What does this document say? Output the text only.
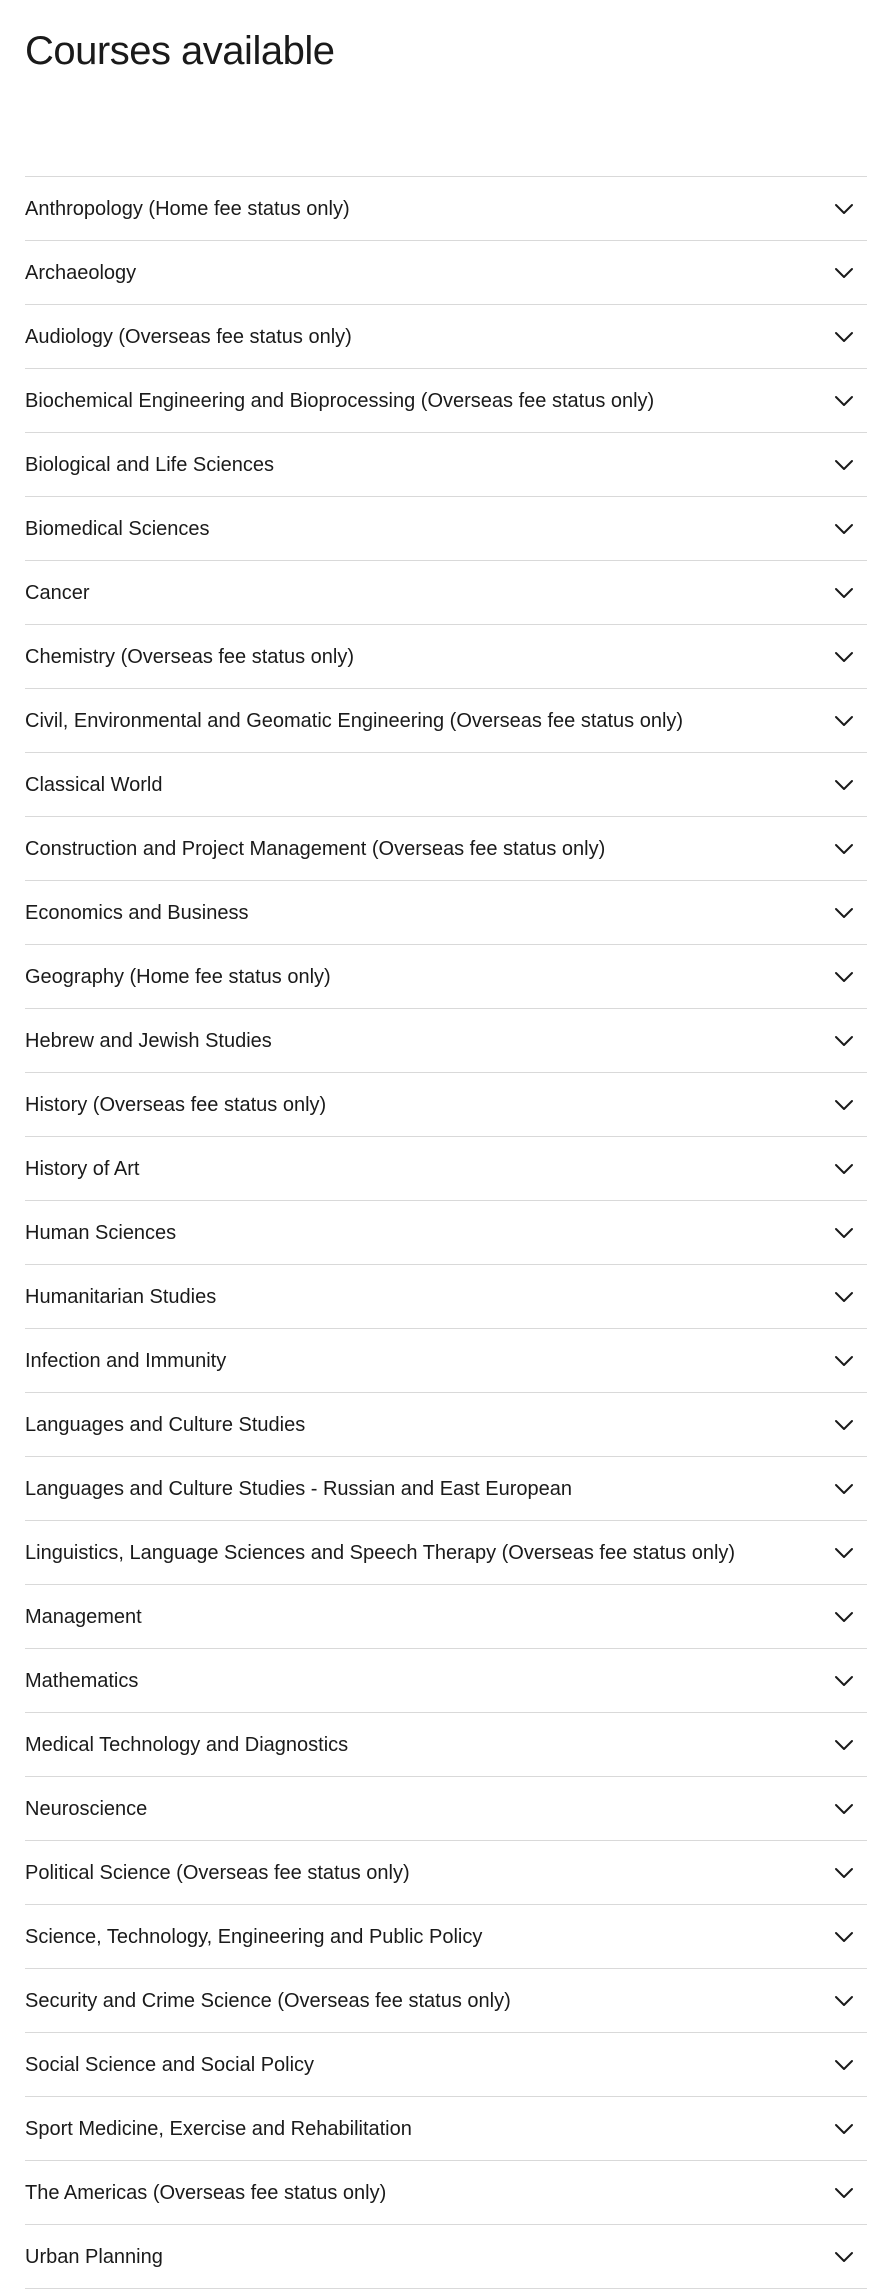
Courses available
Anthropology (Home fee status only)
Archaeology
Audiology (Overseas fee status only)
Biochemical Engineering and Bioprocessing (Overseas fee status only)
Biological and Life Sciences
Biomedical Sciences
Cancer
Chemistry (Overseas fee status only)
Civil, Environmental and Geomatic Engineering (Overseas fee status only)
Classical World
Construction and Project Management (Overseas fee status only)
Economics and Business
Geography (Home fee status only)
Hebrew and Jewish Studies
History (Overseas fee status only)
History of Art
Human Sciences
Humanitarian Studies
Infection and Immunity
Languages and Culture Studies
Languages and Culture Studies - Russian and East European
Linguistics, Language Sciences and Speech Therapy (Overseas fee status only)
Management
Mathematics
Medical Technology and Diagnostics
Neuroscience
Political Science (Overseas fee status only)
Science, Technology, Engineering and Public Policy
Security and Crime Science (Overseas fee status only)
Social Science and Social Policy
Sport Medicine, Exercise and Rehabilitation
The Americas (Overseas fee status only)
Urban Planning
